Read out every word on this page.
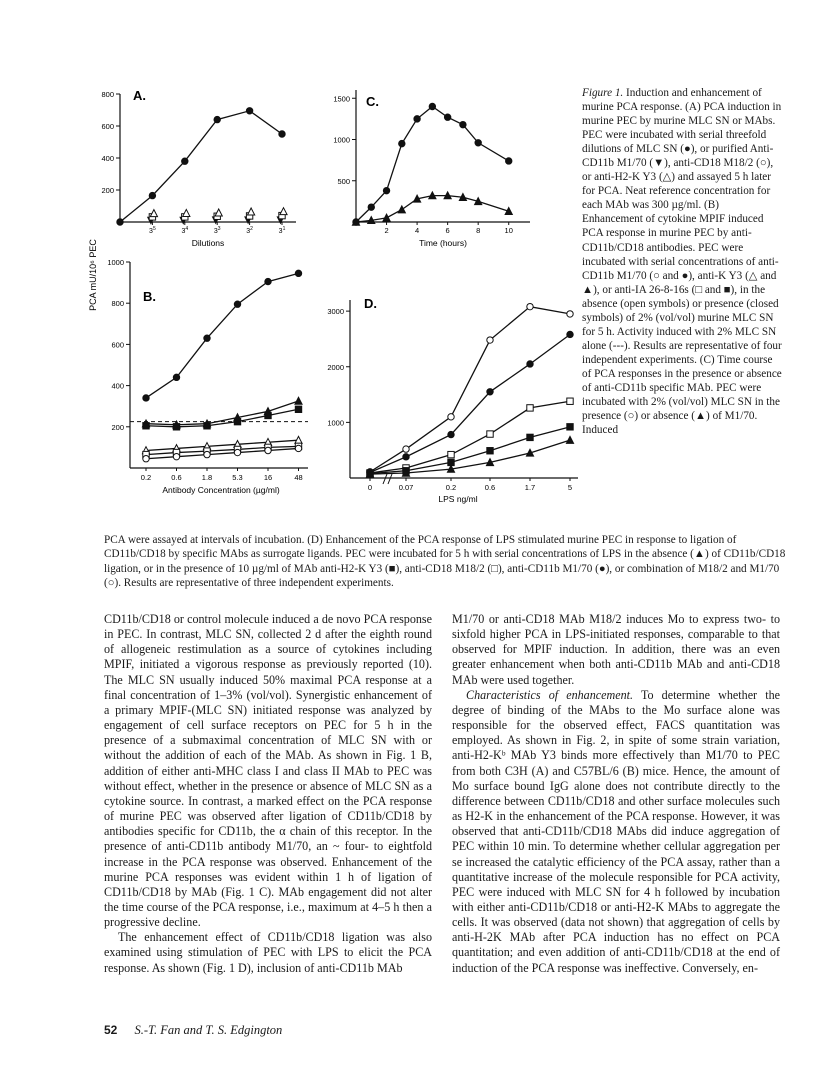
A.
800
600
400
200
$3^5$	$3^4$	$3^3$	$3^2$	$3^1$
Dilutions
B.
1000
800
600
400
200
0.2	0.6	1.8	5.3	16	48
Antibody Concentration (µg/ml)
C.
1500
1000
500
2	4	6	8	10
Time (hours)
D.
3000
2000
1000
0	0.07	0.2	0.6	1.7	5
LPS ng/ml
PCA mU/10⁶ PEC
Figure 1. Induction and enhancement of murine PCA response. (A) PCA induction in murine PEC by murine MLC SN or MAbs. PEC were incubated with serial threefold dilutions of MLC SN (●), or purified Anti-CD11b M1/70 (▼), anti-CD18 M18/2 (○), or anti-H2-K Y3 (△) and assayed 5 h later for PCA. Neat reference concentration for each MAb was 300 µg/ml. (B) Enhancement of cytokine MPIF induced PCA response in murine PEC by anti-CD11b/CD18 antibodies. PEC were incubated with serial concentrations of anti-CD11b M1/70 (○ and ●), anti-K Y3 (△ and ▲), or anti-IA 26-8-16s (□ and ■), in the absence (open symbols) or presence (closed symbols) of 2% (vol/vol) murine MLC SN for 5 h. Activity induced with 2% MLC SN alone (---). Results are representative of four independent experiments. (C) Time course of PCA responses in the presence or absence of anti-CD11b specific MAb. PEC were incubated with 2% (vol/vol) MLC SN in the presence (○) or absence (▲) of M1/70. Induced
PCA were assayed at intervals of incubation. (D) Enhancement of the PCA response of LPS stimulated murine PEC in response to ligation of CD11b/CD18 by specific MAbs as surrogate ligands. PEC were incubated for 5 h with serial concentrations of LPS in the absence (▲) of CD11b/CD18 ligation, or in the presence of 10 µg/ml of MAb anti-H2-K Y3 (■), anti-CD18 M18/2 (□), anti-CD11b M1/70 (●), or combination of M18/2 and M1/70 (○). Results are representative of three independent experiments.

CD11b/CD18 or control molecule induced a de novo PCA response in PEC. In contrast, MLC SN, collected 2 d after the eighth round of allogeneic restimulation as a source of cytokines including MPIF, initiated a vigorous response as previously reported (10). The MLC SN usually induced 50% maximal PCA response at a final concentration of 1–3% (vol/vol). Synergistic enhancement of a primary MPIF-(MLC SN) initiated response was analyzed by engagement of cell surface receptors on PEC for 5 h in the presence of a submaximal concentration of MLC SN with or without the addition of each of the MAb. As shown in Fig. 1 B, addition of either anti-MHC class I and class II MAb to PEC was without effect, whether in the presence or absence of MLC SN as a cytokine source. In contrast, a marked effect on the PCA response of murine PEC was observed after ligation of CD11b/CD18 by antibodies specific for CD11b, the α chain of this receptor. In the presence of anti-CD11b antibody M1/70, an ~ four- to eightfold increase in the PCA response was observed. Enhancement of the murine PCA responses was evident within 1 h of ligation of CD11b/CD18 by MAb (Fig. 1 C). MAb engagement did not alter the time course of the PCA response, i.e., maximum at 4–5 h then a progressive decline.

The enhancement effect of CD11b/CD18 ligation was also examined using stimulation of PEC with LPS to elicit the PCA response. As shown (Fig. 1 D), inclusion of anti-CD11b MAb

M1/70 or anti-CD18 MAb M18/2 induces Mo to express two- to sixfold higher PCA in LPS-initiated responses, comparable to that observed for MPIF induction. In addition, there was an even greater enhancement when both anti-CD11b MAb and anti-CD18 MAb were used together.

Characteristics of enhancement. To determine whether the degree of binding of the MAbs to the Mo surface alone was responsible for the observed effect, FACS quantitation was employed. As shown in Fig. 2, in spite of some strain variation, anti-H2-Kᵇ MAb Y3 binds more effectively than M1/70 to PEC from both C3H (A) and C57BL/6 (B) mice. Hence, the amount of Mo surface bound IgG alone does not contribute directly to the difference between CD11b/CD18 and other surface molecules such as H2-K in the enhancement of the PCA response. However, it was observed that anti-CD11b/CD18 MAbs did induce aggregation of PEC within 10 min. To determine whether cellular aggregation per se increased the catalytic efficiency of the PCA assay, rather than a quantitative increase of the molecule responsible for PCA activity, PEC were induced with MLC SN for 4 h followed by incubation with either anti-CD11b/CD18 or anti-H2-K MAbs to aggregate the cells. It was observed (data not shown) that aggregation of cells by anti-H-2K MAb after PCA induction has no effect on PCA quantitation; and even addition of anti-CD11b/CD18 at the end of induction of the PCA response was ineffective. Conversely, en-

52 S.-T. Fan and T. S. Edgington
